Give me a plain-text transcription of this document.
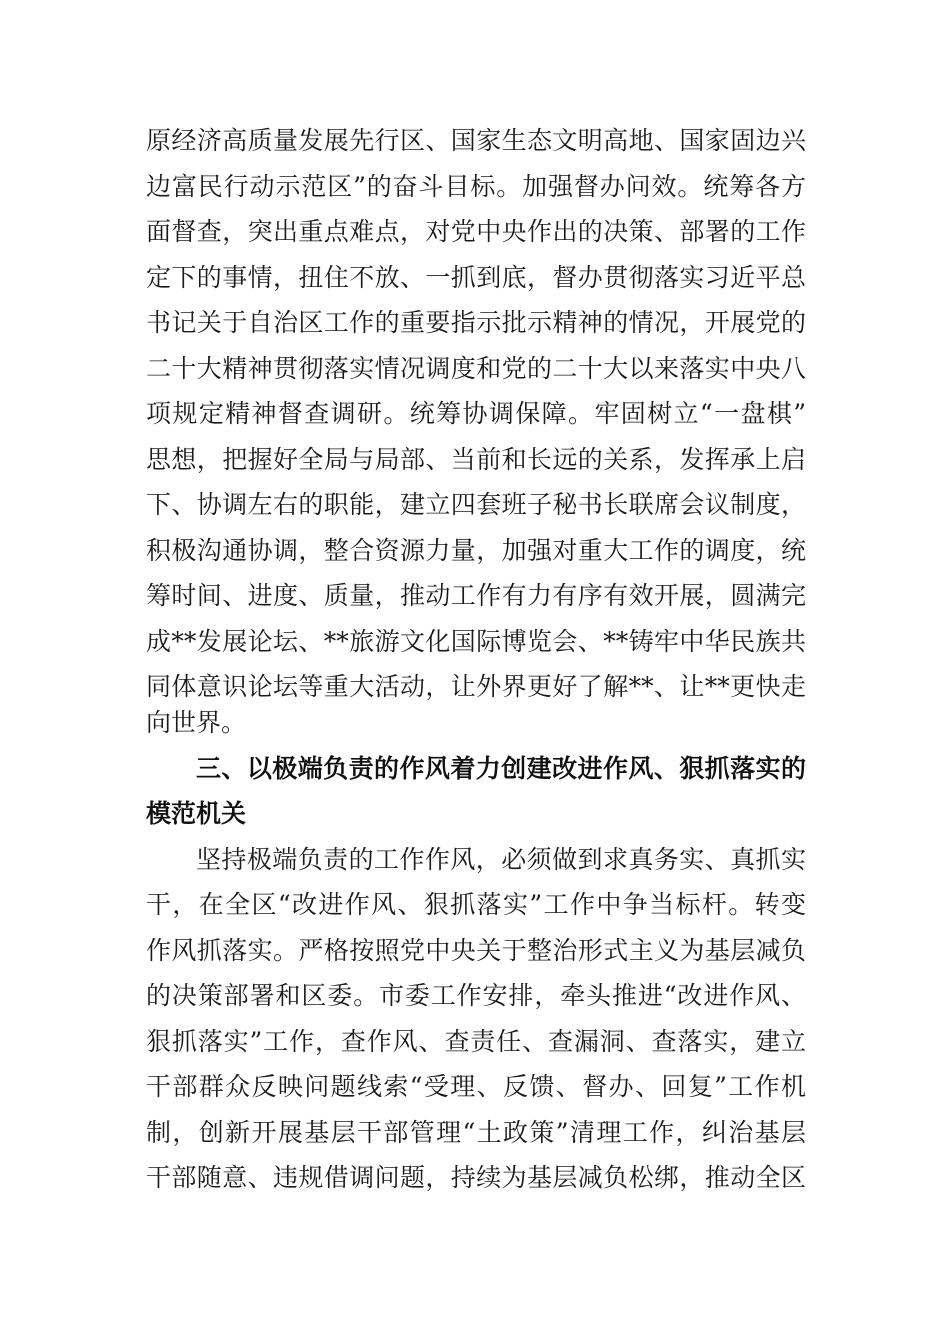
原经济高质量发展先行区、国家生态文明高地、国家固边兴
边富民行动示范区”的奋斗目标。加强督办问效。统筹各方
面督查，突出重点难点，对党中央作出的决策、部署的工作
定下的事情，扭住不放、一抓到底，督办贯彻落实习近平总
书记关于自治区工作的重要指示批示精神的情况，开展党的
二十大精神贯彻落实情况调度和党的二十大以来落实中央八
项规定精神督查调研。统筹协调保障。牢固树立“一盘棋”
思想，把握好全局与局部、当前和长远的关系，发挥承上启
下、协调左右的职能，建立四套班子秘书长联席会议制度，
积极沟通协调，整合资源力量，加强对重大工作的调度，统
筹时间、进度、质量，推动工作有力有序有效开展，圆满完
成**发展论坛、**旅游文化国际博览会、**铸牢中华民族共
同体意识论坛等重大活动，让外界更好了解**、让**更快走
向世界。
三、以极端负责的作风着力创建改进作风、狠抓落实的
模范机关
坚持极端负责的工作作风，必须做到求真务实、真抓实
干，在全区“改进作风、狠抓落实”工作中争当标杆。转变
作风抓落实。严格按照党中央关于整治形式主义为基层减负
的决策部署和区委。市委工作安排，牵头推进“改进作风、
狠抓落实”工作，查作风、查责任、查漏洞、查落实，建立
干部群众反映问题线索“受理、反馈、督办、回复”工作机
制，创新开展基层干部管理“土政策”清理工作，纠治基层
干部随意、违规借调问题，持续为基层减负松绑，推动全区
